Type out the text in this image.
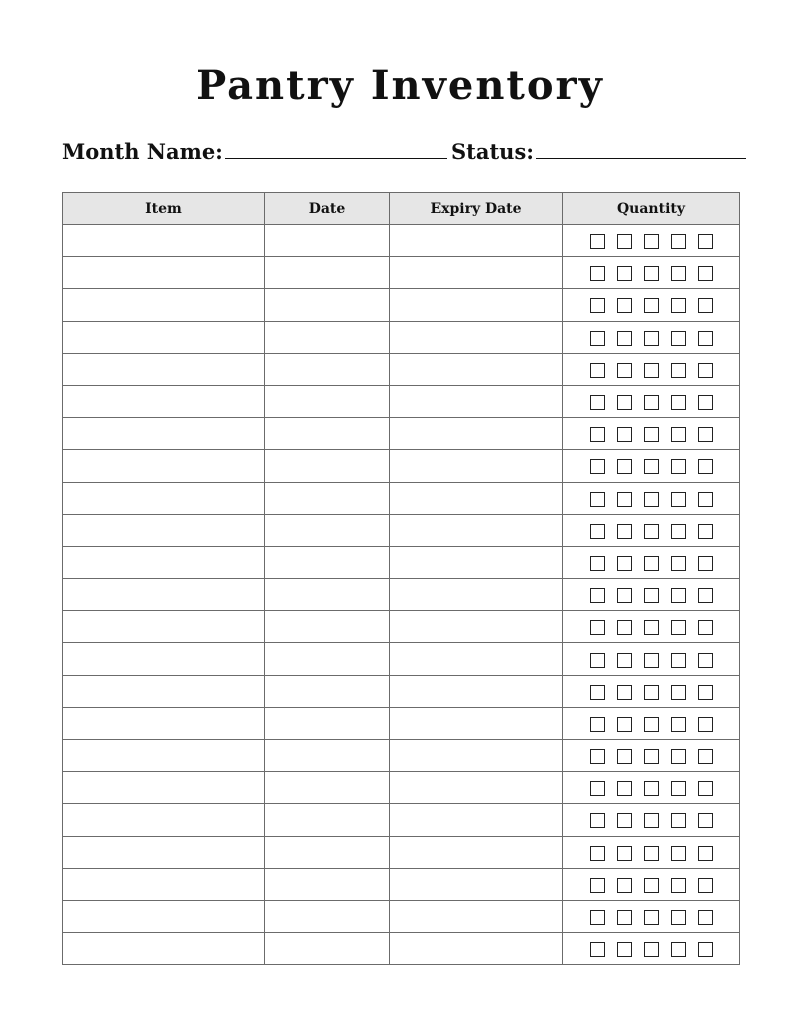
Pantry Inventory
Month Name:	Status:
Item	Date	Expiry Date	Quantity
